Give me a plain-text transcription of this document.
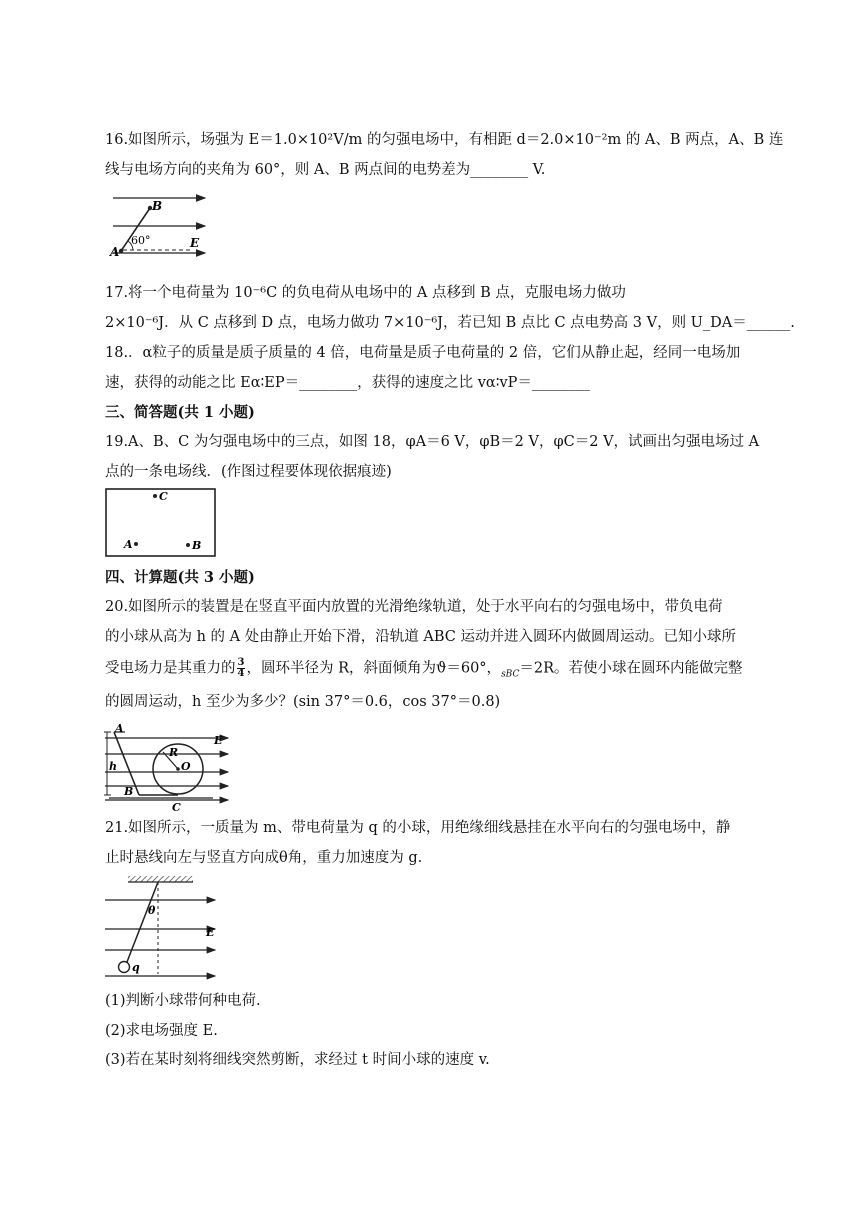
16.如图所示，场强为 E＝1.0×10²V/m 的匀强电场中，有相距 d＝2.0×10⁻²m 的 A、B 两点，A、B 连
线与电场方向的夹角为 60°，则 A、B 两点间的电势差为________ V.
B
A
E
60°
17.将一个电荷量为 10⁻⁶C 的负电荷从电场中的 A 点移到 B 点，克服电场力做功
2×10⁻⁶J．从 C 点移到 D 点，电场力做功 7×10⁻⁶J，若已知 B 点比 C 点电势高 3 V，则 U_DA＝______.
18.．α粒子的质量是质子质量的 4 倍，电荷量是质子电荷量的 2 倍，它们从静止起，经同一电场加
速，获得的动能之比 Eα∶EP＝________，获得的速度之比 vα∶vP＝________
三、简答题(共 1 小题)
19.A、B、C 为匀强电场中的三点，如图 18，φA＝6 V，φB＝2 V，φC＝2 V，试画出匀强电场过 A
点的一条电场线．(作图过程要体现依据痕迹)
C
A	B
四、计算题(共 3 小题)
20.如图所示的装置是在竖直平面内放置的光滑绝缘轨道，处于水平向右的匀强电场中，带负电荷
的小球从高为 h 的 A 处由静止开始下滑，沿轨道 ABC 运动并进入圆环内做圆周运动。已知小球所
受电场力是其重力的 $\frac{3}{4}$ ，圆环半径为 R，斜面倾角为ϑ＝60°，$_{sBC}$＝2R。若使小球在圆环内能做完整
的圆周运动，h 至少为多少？(sin 37°＝0.6，cos 37°＝0.8)
A
E
R
O
h
B
C
21.如图所示，一质量为 m、带电荷量为 q 的小球，用绝缘细线悬挂在水平向右的匀强电场中，静
止时悬线向左与竖直方向成θ角，重力加速度为 g.
θ
E
q
(1)判断小球带何种电荷.
(2)求电场强度 E.
(3)若在某时刻将细线突然剪断，求经过 t 时间小球的速度 v.
